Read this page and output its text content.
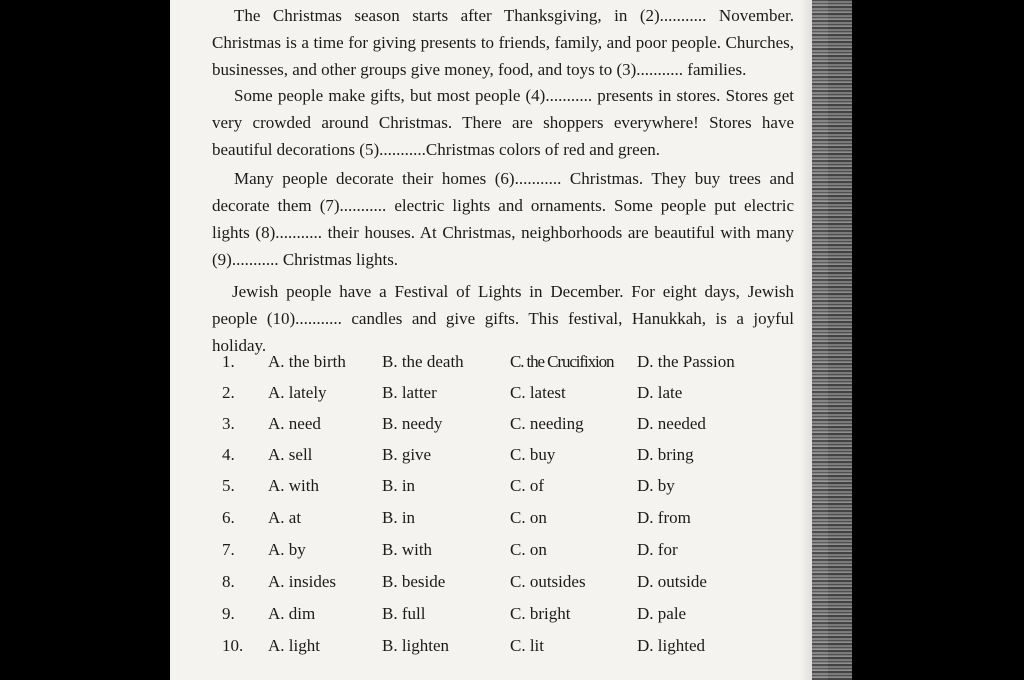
The Christmas season starts after Thanksgiving, in (2)........... November. Christmas is a time for giving presents to friends, family, and poor people. Churches, businesses, and other groups give money, food, and toys to (3)........... families.

Some people make gifts, but most people (4)........... presents in stores. Stores get very crowded around Christmas. There are shoppers everywhere! Stores have beautiful decorations (5)...........Christmas colors of red and green.

Many people decorate their homes (6)........... Christmas. They buy trees and decorate them (7)........... electric lights and ornaments. Some people put electric lights (8)........... their houses. At Christmas, neighborhoods are beautiful with many (9)........... Christmas lights.

Jewish people have a Festival of Lights in December. For eight days, Jewish people (10)........... candles and give gifts. This festival, Hanukkah, is a joyful holiday.

1.	A. the birth B. the death	C. the Crucifixion D. the Passion
2.	A. lately	B. latter	C. latest	D. late
3.	A. need	B. needy	C. needing	D. needed
4.	A. sell	B. give	C. buy	D. bring
5.	A. with	B. in	C. of	D. by
6.	A. at	B. in	C. on	D. from
7.	A. by	B. with	C. on	D. for
8.	A. insides	B. beside	C. outsides	D. outside
9.	A. dim	B. full	C. bright	D. pale
10.	A. light	B. lighten	C. lit	D. lighted
